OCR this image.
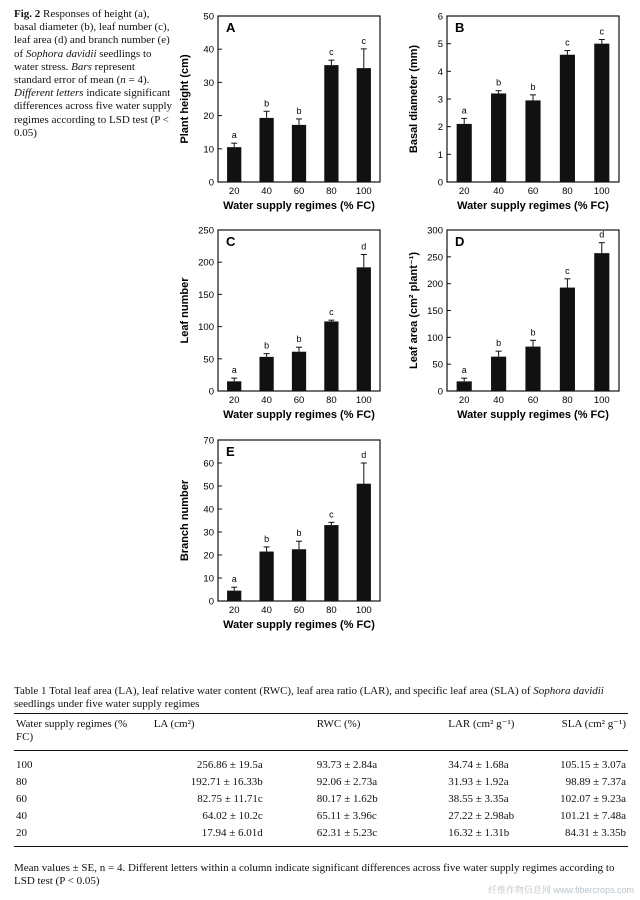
Fig. 2 Responses of height (a), basal diameter (b), leaf number (c), leaf area (d) and branch number (e) of Sophora davidii seedlings to water stress. Bars represent standard error of mean (n = 4). Different letters indicate significant differences across five water supply regimes according to LSD test (P < 0.05)
0
10
20
30
40
50
A
a
20
b
40
b
60
c
80
c
100
Water supply regimes (% FC)
Plant height (cm)
0
1
2
3
4
5
6
B
a
20
b
40
b
60
c
80
c
100
Water supply regimes (% FC)
Basal diameter (mm)
0
50
100
150
200
250
C
a
20
b
40
b
60
c
80
d
100
Water supply regimes (% FC)
Leaf number
0
50
100
150
200
250
300
D
a
20
b
40
b
60
c
80
d
100
Water supply regimes (% FC)
Leaf area (cm² plant⁻¹)
0
10
20
30
40
50
60
70
E
a
20
b
40
b
60
c
80
d
100
Water supply regimes (% FC)
Branch number
Table 1 Total leaf area (LA), leaf relative water content (RWC), leaf area ratio (LAR), and specific leaf area (SLA) of Sophora davidii seedlings under five water supply regimes
Water supply regimes (% FC)	LA (cm²)	RWC (%)	LAR (cm² g⁻¹)	SLA (cm² g⁻¹)
100	256.86 ± 19.5a	93.73 ± 2.84a	34.74 ± 1.68a	105.15 ± 3.07a
80	192.71 ± 16.33b	92.06 ± 2.73a	31.93 ± 1.92a	98.89 ± 7.37a
60	82.75 ± 11.71c	80.17 ± 1.62b	38.55 ± 3.35a	102.07 ± 9.23a
40	64.02 ± 10.2c	65.11 ± 3.96c	27.22 ± 2.98ab	101.21 ± 7.48a
20	17.94 ± 6.01d	62.31 ± 5.23c	16.32 ± 1.31b	84.31 ± 3.35b
Mean values ± SE, n = 4. Different letters within a column indicate significant differences across five water supply regimes according to LSD test (P < 0.05)
纤维作物信息网 www.fibercrops.com
